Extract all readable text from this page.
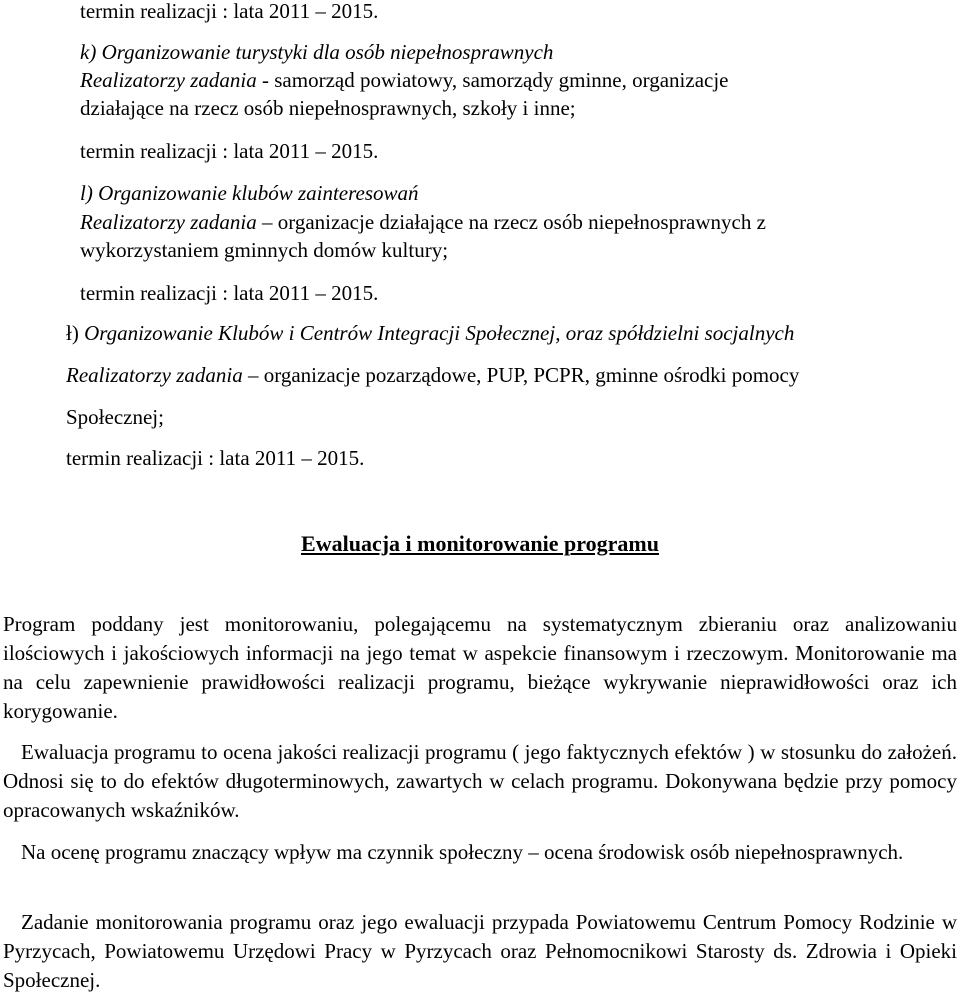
termin realizacji : lata 2011 – 2015.
k) Organizowanie turystyki dla osób niepełnosprawnych
Realizatorzy zadania - samorząd powiatowy, samorządy gminne, organizacje
działające na rzecz osób niepełnosprawnych, szkoły i inne;
termin realizacji : lata 2011 – 2015.
l) Organizowanie klubów zainteresowań
Realizatorzy zadania – organizacje działające na rzecz osób niepełnosprawnych z
wykorzystaniem gminnych domów kultury;
termin realizacji : lata 2011 – 2015.
ł) Organizowanie Klubów i Centrów Integracji Społecznej, oraz spółdzielni socjalnych
Realizatorzy zadania – organizacje pozarządowe, PUP, PCPR, gminne ośrodki pomocy
Społecznej;
termin realizacji : lata 2011 – 2015.
Ewaluacja i monitorowanie programu

Program poddany jest monitorowaniu, polegającemu na systematycznym zbieraniu oraz analizowaniu ilościowych i jakościowych informacji na jego temat w aspekcie finansowym i rzeczowym. Monitorowanie ma na celu zapewnienie prawidłowości realizacji programu, bieżące wykrywanie nieprawidłowości oraz ich korygowanie.

Ewaluacja programu to ocena jakości realizacji programu ( jego faktycznych efektów ) w stosunku do założeń. Odnosi się to do efektów długoterminowych, zawartych w celach programu. Dokonywana będzie przy pomocy opracowanych wskaźników.

Na ocenę programu znaczący wpływ ma czynnik społeczny – ocena środowisk osób niepełnosprawnych.

Zadanie monitorowania programu oraz jego ewaluacji przypada Powiatowemu Centrum Pomocy Rodzinie w Pyrzycach, Powiatowemu Urzędowi Pracy w Pyrzycach oraz Pełnomocnikowi Starosty ds. Zdrowia i Opieki Społecznej.
